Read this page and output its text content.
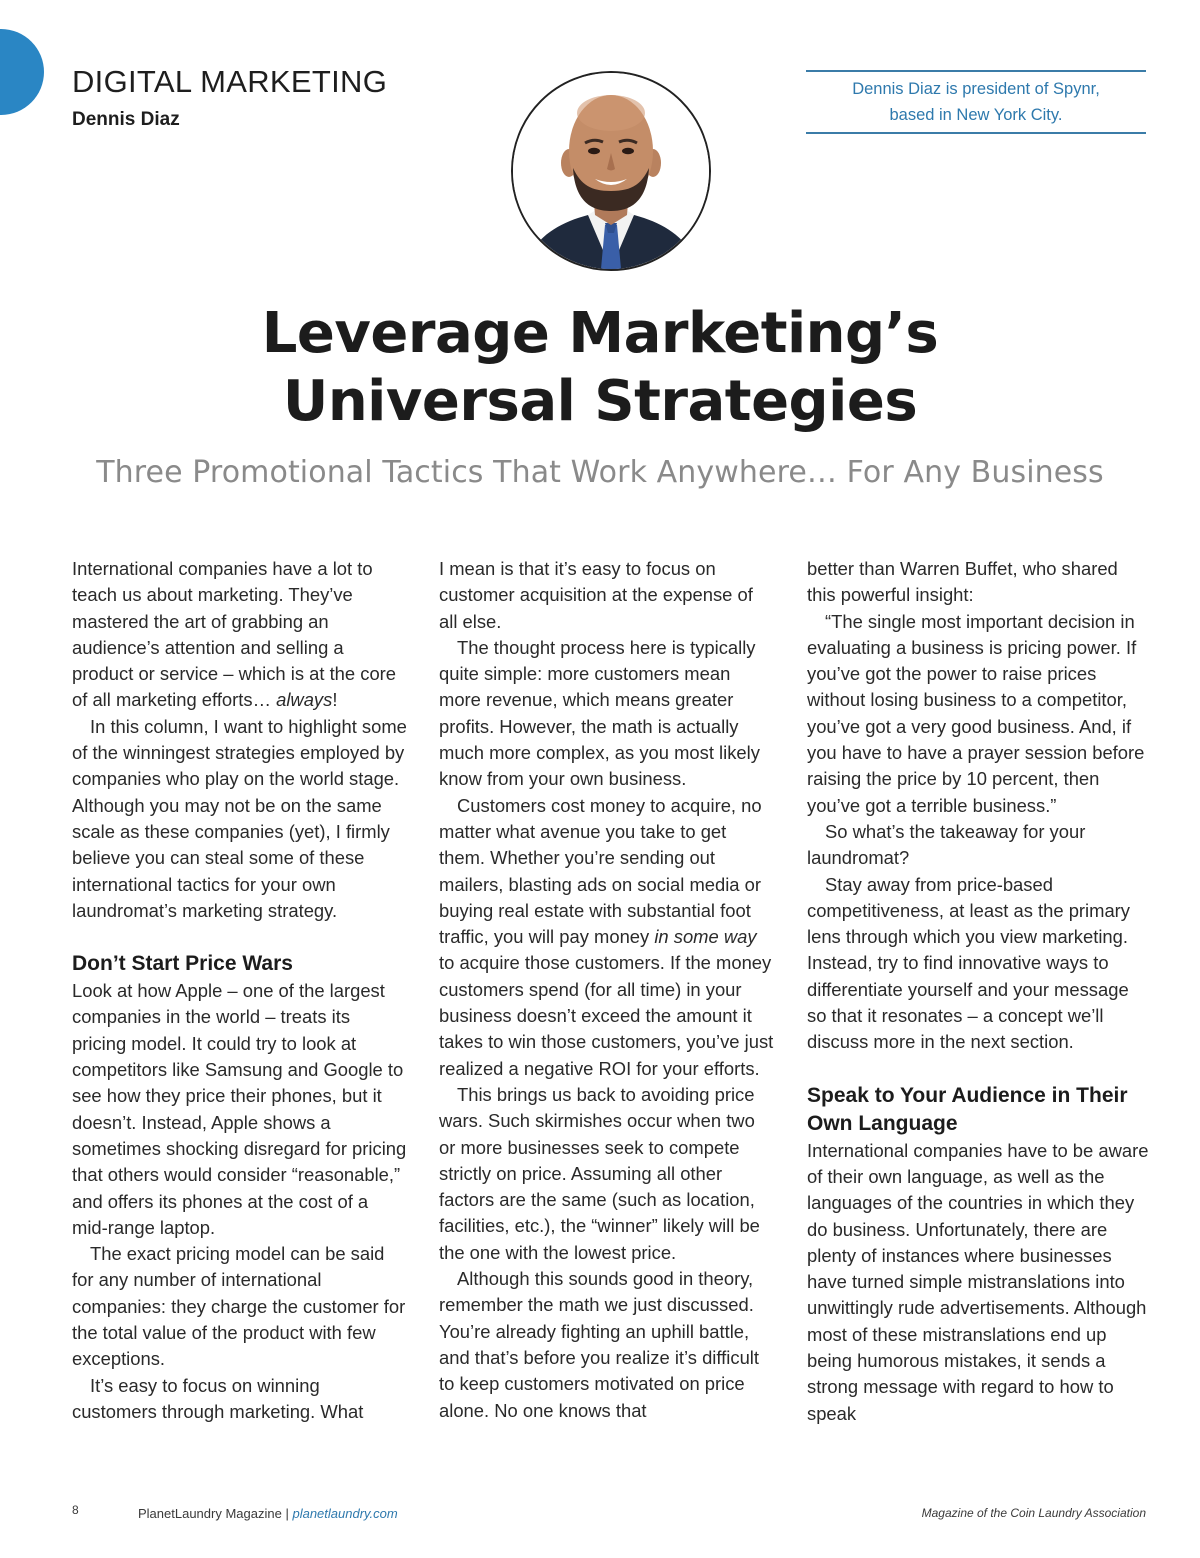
DIGITAL MARKETING
Dennis Diaz
Dennis Diaz is president of Spynr, based in New York City.
Leverage Marketing’s
Universal Strategies
Three Promotional Tactics That Work Anywhere… For Any Business

International companies have a lot to teach us about marketing. They’ve mastered the art of grabbing an audience’s attention and selling a product or service – which is at the core of all marketing efforts… always!

In this column, I want to highlight some of the winningest strategies employed by companies who play on the world stage. Although you may not be on the same scale as these companies (yet), I firmly believe you can steal some of these international tactics for your own laundromat’s marketing strategy.

Don’t Start Price Wars

Look at how Apple – one of the largest companies in the world – treats its pricing model. It could try to look at competitors like Samsung and Google to see how they price their phones, but it doesn’t. Instead, Apple shows a sometimes shocking disregard for pricing that others would consider “reasonable,” and offers its phones at the cost of a mid-range laptop.

The exact pricing model can be said for any number of international companies: they charge the customer for the total value of the product with few exceptions.

It’s easy to focus on winning customers through marketing. What

I mean is that it’s easy to focus on customer acquisition at the expense of all else.

The thought process here is typically quite simple: more customers mean more revenue, which means greater profits. However, the math is actually much more complex, as you most likely know from your own business.

Customers cost money to acquire, no matter what avenue you take to get them. Whether you’re sending out mailers, blasting ads on social media or buying real estate with substantial foot traffic, you will pay money in some way to acquire those customers. If the money customers spend (for all time) in your business doesn’t exceed the amount it takes to win those customers, you’ve just realized a negative ROI for your efforts.

This brings us back to avoiding price wars. Such skirmishes occur when two or more businesses seek to compete strictly on price. Assuming all other factors are the same (such as location, facilities, etc.), the “winner” likely will be the one with the lowest price.

Although this sounds good in theory, remember the math we just discussed. You’re already fighting an uphill battle, and that’s before you realize it’s difficult to keep customers motivated on price alone. No one knows that

better than Warren Buffet, who shared this powerful insight:

“The single most important decision in evaluating a business is pricing power. If you’ve got the power to raise prices without losing business to a competitor, you’ve got a very good business. And, if you have to have a prayer session before raising the price by 10 percent, then you’ve got a terrible business.”

So what’s the takeaway for your laundromat?

Stay away from price-based competitiveness, at least as the primary lens through which you view marketing. Instead, try to find innovative ways to differentiate yourself and your message so that it resonates – a concept we’ll discuss more in the next section.

Speak to Your Audience in Their Own Language

International companies have to be aware of their own language, as well as the languages of the countries in which they do business. Unfortunately, there are plenty of instances where businesses have turned simple mistranslations into unwittingly rude advertisements. Although most of these mistranslations end up being humorous mistakes, it sends a strong message with regard to how to speak

8	PlanetLaundry Magazine | planetlaundry.com	Magazine of the Coin Laundry Association
